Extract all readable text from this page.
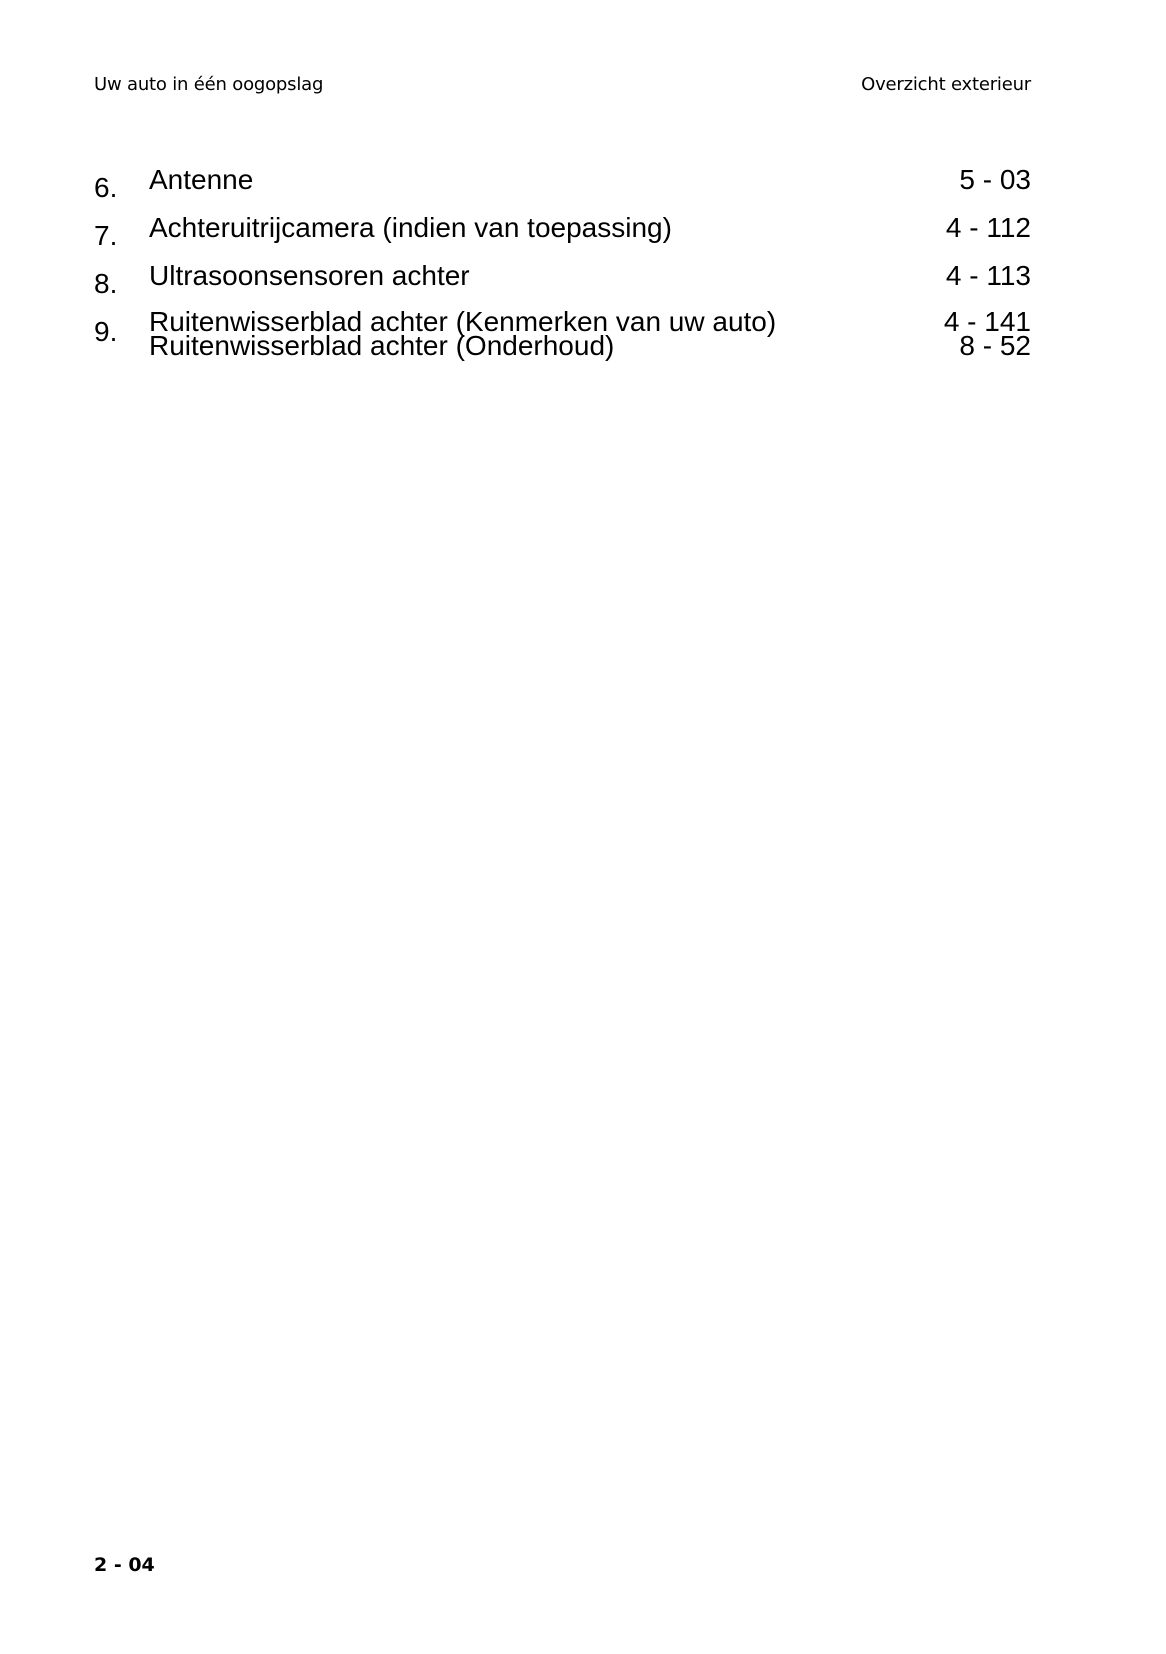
Uw auto in één oogopslag	Overzicht exterieur
6.	Antenne	5 - 03
7.	Achteruitrijcamera (indien van toepassing)	4 - 112
8.	Ultrasoonsensoren achter	4 - 113
9.	Ruitenwisserblad achter (Kenmerken van uw auto)	4 - 141
Ruitenwisserblad achter (Onderhoud)	8 - 52
2 - 04
